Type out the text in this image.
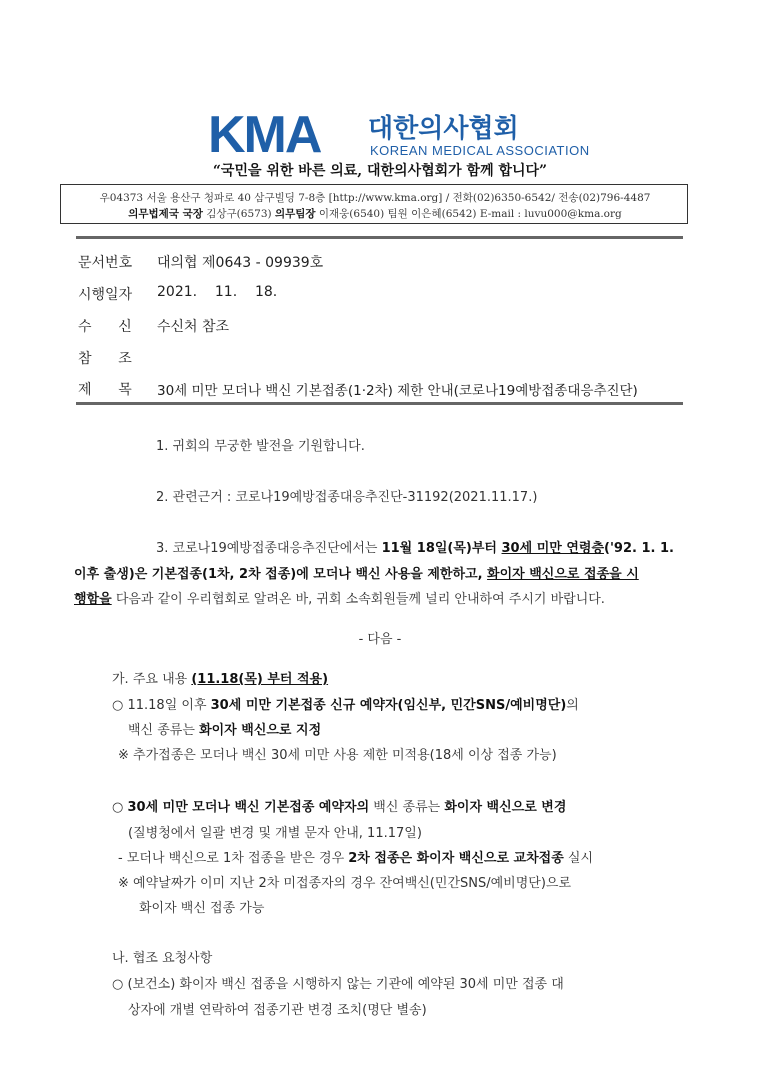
KMA 대한의사협회
KOREAN MEDICAL ASSOCIATION
“국민을 위한 바른 의료, 대한의사협회가 함께 합니다”
우04373 서울 용산구 청파로 40 삼구빌딩 7-8층 [http://www.kma.org] / 전화(02)6350-6542/ 전송(02)796-4487
의무법제국 국장 김상구(6573) 의무팀장 이재웅(6540) 팀원 이은혜(6542) E-mail : luvu000@kma.org
문서번호 대의협 제0643 - 09939호
시행일자 2021.    11.    18.
수      신 수신처 참조
참      조
제      목 30세 미만 모더나 백신 기본접종(1·2차) 제한 안내(코로나19예방접종대응추진단)
1. 귀회의 무궁한 발전을 기원합니다.
2. 관련근거 : 코로나19예방접종대응추진단-31192(2021.11.17.)
3. 코로나19예방접종대응추진단에서는 11월 18일(목)부터 30세 미만 연령층('92. 1. 1.
이후 출생)은 기본접종(1차, 2차 접종)에 모더나 백신 사용을 제한하고, 화이자 백신으로 접종을 시
행함을 다음과 같이 우리협회로 알려온 바, 귀회 소속회원들께 널리 안내하여 주시기 바랍니다.
- 다음 -
가. 주요 내용 (11.18(목) 부터 적용)
○ 11.18일 이후 30세 미만 기본접종 신규 예약자(임신부, 민간SNS/예비명단)의
백신 종류는 화이자 백신으로 지정
※ 추가접종은 모더나 백신 30세 미만 사용 제한 미적용(18세 이상 접종 가능)
○ 30세 미만 모더나 백신 기본접종 예약자의 백신 종류는 화이자 백신으로 변경
(질병청에서 일괄 변경 및 개별 문자 안내, 11.17일)
- 모더나 백신으로 1차 접종을 받은 경우 2차 접종은 화이자 백신으로 교차접종 실시
※ 예약날짜가 이미 지난 2차 미접종자의 경우 잔여백신(민간SNS/예비명단)으로
화이자 백신 접종 가능
나. 협조 요청사항
○ (보건소) 화이자 백신 접종을 시행하지 않는 기관에 예약된 30세 미만 접종 대
상자에 개별 연락하여 접종기관 변경 조치(명단 별송)
